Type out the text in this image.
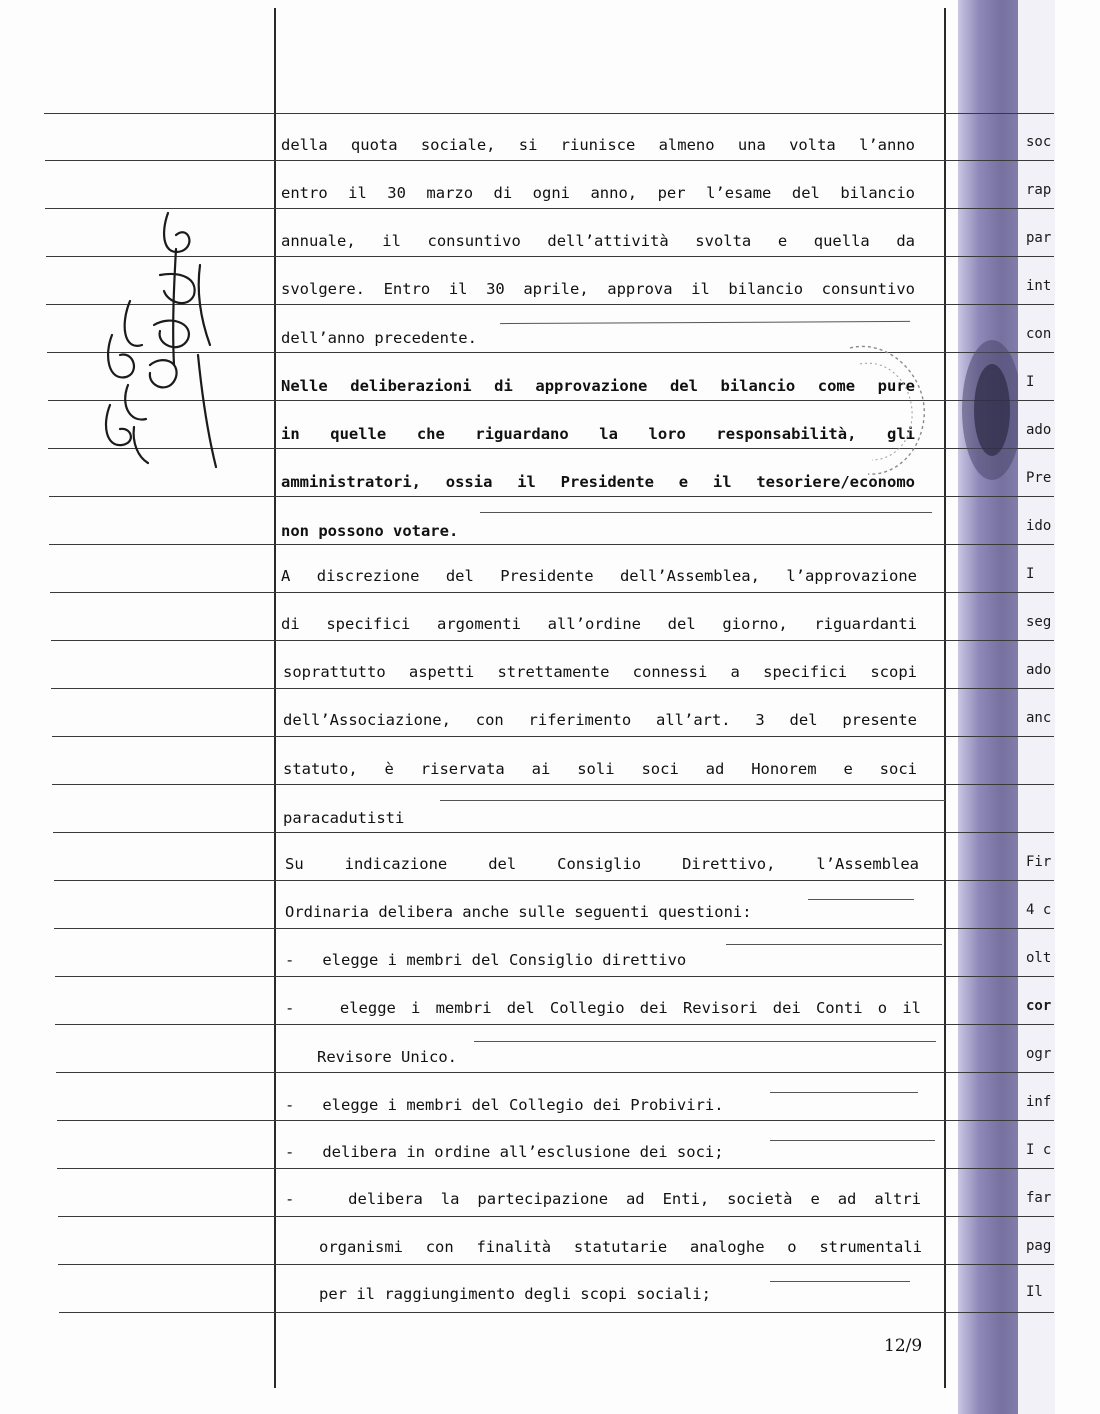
della quota sociale, si riunisce almeno una volta l’anno
entro il 30 marzo di ogni anno, per l’esame del bilancio
annuale, il consuntivo dell’attività svolta e quella da
svolgere. Entro il 30 aprile, approva il bilancio consuntivo
dell’anno precedente.
Nelle deliberazioni di approvazione del bilancio come pure
in quelle che riguardano la loro responsabilità, gli
amministratori, ossia il Presidente e il tesoriere/economo
non possono votare.
A discrezione del Presidente dell’Assemblea, l’approvazione
di specifici argomenti all’ordine del giorno, riguardanti
soprattutto aspetti strettamente connessi a specifici scopi
dell’Associazione, con riferimento all’art. 3 del presente
statuto, è riservata ai soli soci ad Honorem e soci
paracadutisti
Su indicazione del Consiglio Direttivo, l’Assemblea
Ordinaria delibera anche sulle seguenti questioni:
-   elegge i membri del Consiglio direttivo
-   elegge i membri del Collegio dei Revisori dei Conti o il
Revisore Unico.
-   elegge i membri del Collegio dei Probiviri.
-   delibera in ordine all’esclusione dei soci;
-   delibera la partecipazione ad Enti, società e ad altri
organismi con finalità statutarie analoghe o strumentali
per il raggiungimento degli scopi sociali;
soc
rap
par
int
con
I
ado
Pre
ido
I
seg
ado
anc
Fir
4 c
olt
cor
ogr
inf
I c
far
pag
Il
12/9
